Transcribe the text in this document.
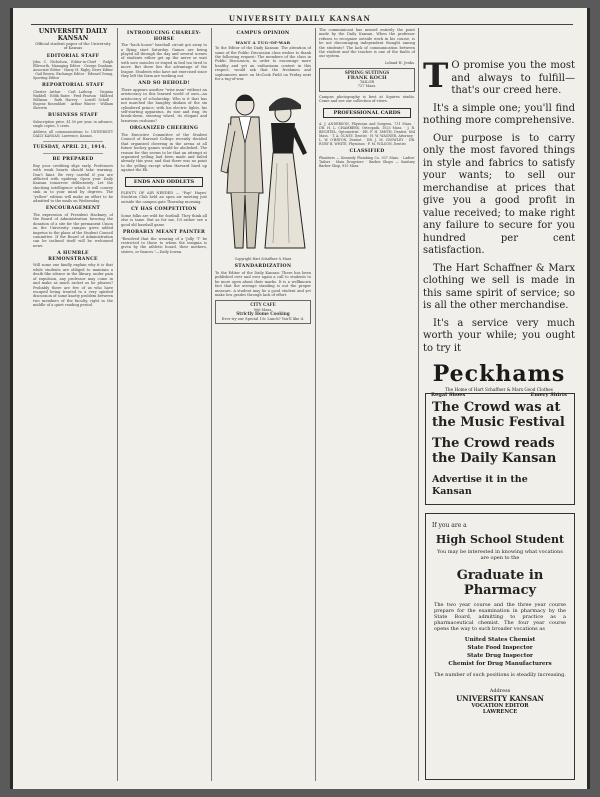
UNIVERSITY DAILY KANSAN
UNIVERSITY DAILY KANSAN
Official student paper of the University of Kansas
EDITORIAL STAFF
John C. Nicholson, Editor-in-Chief · Ralph Ellsworth, Managing Editor · George Dunham, Associate Editor · Harry H. Rigby, News Editor · Gail Brown, Exchange Editor · Edward Young, Sporting Editor
REPORTORIAL STAFF
Chester Arthur · Carl Lathrop · Virginia Waddell · Edith Bates · Fred Pearson · Mildred Williams · Ruth Harvey · Lowell Schull · Eugene Rosenblatt · Arthur Winter · William Sherwin
BUSINESS STAFF
Subscription price, $1.00 per year, in advance; single copies, 5 cents.
Address all communications to UNIVERSITY DAILY KANSAN, Lawrence, Kansas.
TUESDAY, APRIL 21, 1914.
BE PREPARED
Buy your crediting slips early. Professors with weak hearts should take warning. Don't faint. Be very careful if you are afflicted with epidemy. Open your Daily Kansan tomorrow deliberately. Let the shocking intelligence which it will convey sink in to your mind by degrees. The "yellow" edition will make an effort to be admitted to the mails on Wednesday.
ENCOURAGEMENT
The expression of President Hackney, of the Board of Administration favoring the donation of a site for the permanent Union on the University campus gives added impetus to the plans of the Student Council committee. If the Board of Administration can be inclined itself will be welcomed news.
A HUMBLE REMONSTRANCE
Will some one kindly explain why it is that while students are obliged to maintain a death-like silence in the library, under pain of expulsion, any professor may come in and make as much racket as he pleases? Probably there are few of us who have escaped being treated to a very spirited discussion of some knotty problem between two members of the faculty, right in the middle of a quiet reading period.
INTRODUCING CHARLEY-HORSE
The "back house" baseball circuit got away to a flying start Saturday. Games are being played all through the day and several scenes of students either get up the nerve or wait with sore muscles or stayed in bed too tired to move. But there lies the advantage of the league. Students who have not exercised since they left the farm are working out.
AND SO BEHOLD!
There appears another "wise man" without an aristocracy in this learned world of ours—an aristocracy of scholarship. Who is it that has not marched the haughty disdain of the six cylindered prince, with his electric lights, his self-starting apparatus, its size and ring, its break-down, steering wheel, its elegant and luxurious cushions?
ORGANIZED CHEERING
The Executive Committee of the Student Council of Harvard College recently decided that organized cheering in the arena at all future hockey games would be abolished. The reason for this seems to be that an attempt at organized yelling had been made and failed already this year, and that there was no point to the yelling except when Harvard lined up against the Eli.
ENDS AND ODDLETS
PLENTY OF AIR NEEDED — "Pop" Hayes' Stockton Club held an open air meeting just outside the campus gate Thursday morning.
CY HAS COMPETITION
Some folks are wild for football. They think all else is tame. But as for me, I'd rather see a good old baseball game.
PROBABLY MEANT PAINTER
"Resolved that the wearing of a 'Jolly 'T' be restricted to those to whom the insignia is given by the athletic board, their mothers, sisters, or fiances."—Daily Iowan.
CAMPUS OPINION
WANT A TUG-OF-WAR
To the Editor of the Daily Kansan: The attention of some of the Public Discussion class wishes to thank the following request: The members of the class in Public Discussion, in order to encourage more healthy and yet an enthusiasm contest in this respect, would ask that the freshmen and sophomores meet on McCook Field on Friday next for a tug-of-war.
Copyright Hart Schaffner & Marx
STANDARDIZATION
To the Editor of the Daily Kansan: There has been published over and over again a call to students to be more open about their marks. It is a wellknown fact that the average standing is not the proper measure. A student may be a good student and yet make low grades through lack of effort.
CITY CAFE
906 Mass.
Strictly Home Cooking
Ever try our Special 15c Lunch? You'll like it.
The communicant has missed entirely the point made by the Daily Kansan. When the professor refuses to recognize outside work in his course, is he not discouraging independent thought among the students? The lack of communication between the student and the teacher is one of the faults of our system.
Leland H. Jenks.
SPRING SUITINGS
FRANK KOCH
TAILOR
727 Mass.
Campus photography is best at Squires studio. Come and see our collection of views.
PROFESSIONAL CARDS
A. J. ANDERSON, Physician and Surgeon, 731 Mass. · DR. H. L. CHAMBERS, Osteopath, 1025 Mass. · J. R. BECHTEL, Optometrist · DR. F. H. SMITH, Dentist, 804 Mass. · T. A. OLNEY, Dentist · H. W. WAGNER, Attorney · L. W. O'BRYON, Dentist · DR. J. M. CROWLEY · DR. RUBY B. WHITE, Physician · F. M. WILSON, Dentist
CLASSIFIED
Plumbers — Kennedy Plumbing Co. 937 Mass. · Ladies' Tailors · Main Drugstore · Barber Shops — Sanitary Barber Shop, 815 Mass.

T O promise you the most and always to fulfill—that's our creed here.

It's a simple one; you'll find nothing more comprehensive.

Our purpose is to carry only the most favored things in style and fabrics to satisfy your wants; to sell our merchandise at prices that give you a good profit in value received; to make right any failure to secure for you hundred per cent satisfaction.

The Hart Schaffner & Marx clothing we sell is made in this same spirit of service; so is all the other merchandise.

It's a service very much worth your while; you ought to try it

Peckhams
The Home of Hart Schaffner & Marx Good Clothes
Regal Shoes	Emery Shirts
The Crowd was at the Music Festival
The Crowd reads the Daily Kansan
Advertise it in the Kansan
If you are a
High School Student
You may be interested in knowing what vocations are open to the
Graduate in Pharmacy
The two year course and the three year course prepare for the examination in pharmacy by the State Board, admitting to practice as a pharmaceutical chemist. The four year course opens the way to such broader vocations as
United States Chemist
State Food Inspector
State Drug Inspector
Chemist for Drug Manufacturers
The number of such positions is steadily increasing.
Address
UNIVERSITY KANSAN
VOCATION EDITOR
LAWRENCE
